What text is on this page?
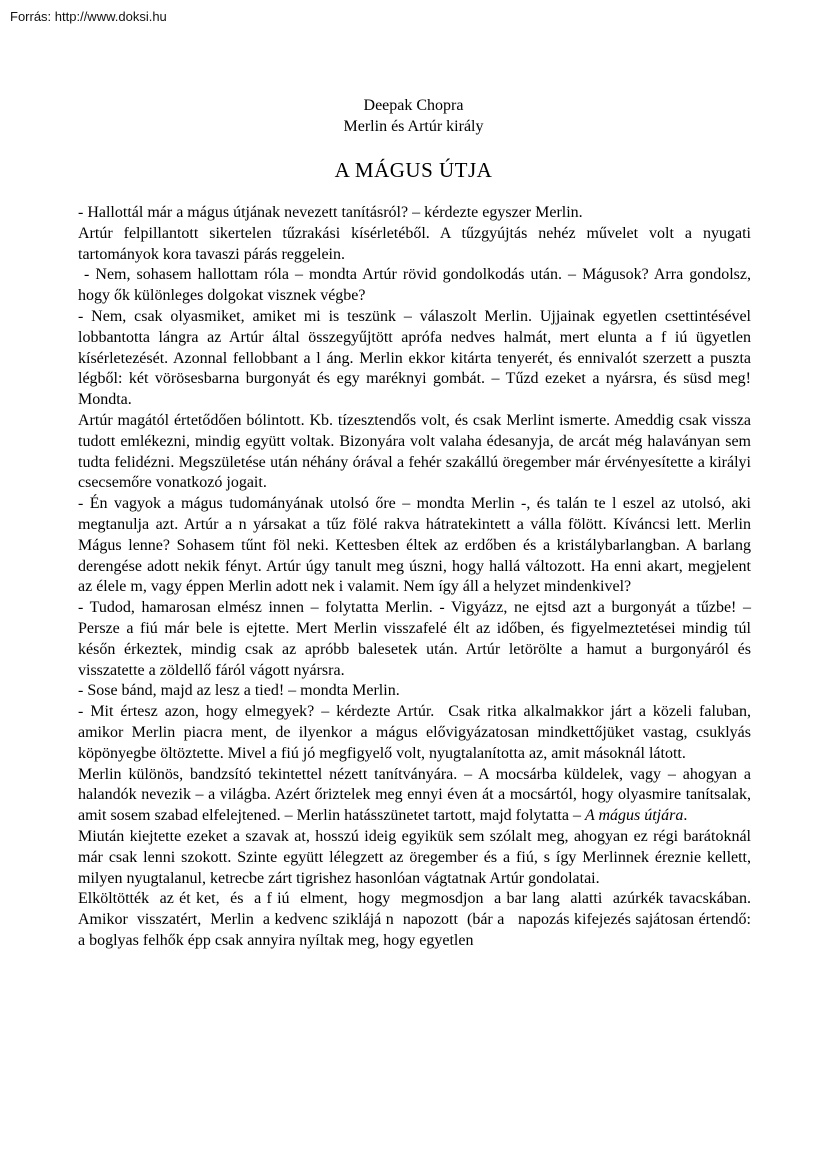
Forrás: http://www.doksi.hu
Deepak Chopra
Merlin és Artúr király
A MÁGUS ÚTJA

- Hallottál már a mágus útjának nevezett tanításról? – kérdezte egyszer Merlin.

Artúr felpillantott sikertelen tűzrakási kísérletéből. A tűzgyújtás nehéz művelet volt a nyugati tartományok kora tavaszi párás reggelein.

- Nem, sohasem hallottam róla – mondta Artúr rövid gondolkodás után. – Mágusok? Arra gondolsz, hogy ők különleges dolgokat visznek végbe?

- Nem, csak olyasmiket, amiket mi is teszünk – válaszolt Merlin. Ujjainak egyetlen csettintésével lobbantotta lángra az Artúr által összegyűjtött aprófa nedves halmát, mert elunta a f iú ügyetlen kísérletezését. Azonnal fellobbant a l áng. Merlin ekkor kitárta tenyerét, és ennivalót szerzett a puszta légből: két vörösesbarna burgonyát és egy maréknyi gombát. – Tűzd ezeket a nyársra, és süsd meg! Mondta.

Artúr magától értetődően bólintott. Kb. tízesztendős volt, és csak Merlint ismerte. Ameddig csak vissza tudott emlékezni, mindig együtt voltak. Bizonyára volt valaha édesanyja, de arcát még halaványan sem tudta felidézni. Megszületése után néhány órával a fehér szakállú öregember már érvényesítette a királyi csecsemőre vonatkozó jogait.

- Én vagyok a mágus tudományának utolsó őre – mondta Merlin -, és talán te l eszel az utolsó, aki megtanulja azt. Artúr a n yársakat a tűz fölé rakva hátratekintett a válla fölött. Kíváncsi lett. Merlin Mágus lenne? Sohasem tűnt föl neki. Kettesben éltek az erdőben és a kristálybarlangban. A barlang derengése adott nekik fényt. Artúr úgy tanult meg úszni, hogy hallá változott. Ha enni akart, megjelent az élele m, vagy éppen Merlin adott nek i valamit. Nem így áll a helyzet mindenkivel?

- Tudod, hamarosan elmész innen – folytatta Merlin. - Vigyázz, ne ejtsd azt a burgonyát a tűzbe! – Persze a fiú már bele is ejtette. Mert Merlin visszafelé élt az időben, és figyelmeztetései mindig túl későn érkeztek, mindig csak az apróbb balesetek után. Artúr letörölte a hamut a burgonyáról és visszatette a zöldellő fáról vágott nyársra.

- Sose bánd, majd az lesz a tied! – mondta Merlin.

- Mit értesz azon, hogy elmegyek? – kérdezte Artúr.  Csak ritka alkalmakkor járt a közeli faluban, amikor Merlin piacra ment, de ilyenkor a mágus elővigyázatosan mindkettőjüket vastag, csuklyás köpönyegbe öltöztette. Mivel a fiú jó megfigyelő volt, nyugtalanította az, amit másoknál látott.

Merlin különös, bandzsító tekintettel nézett tanítványára. – A mocsárba küldelek, vagy – ahogyan a halandók nevezik – a világba. Azért őriztelek meg ennyi éven át a mocsártól, hogy olyasmire tanítsalak, amit sosem szabad elfelejtened. – Merlin hatásszünetet tartott, majd folytatta – A mágus útjára.

Miután kiejtette ezeket a szavak at, hosszú ideig egyikük sem szólalt meg, ahogyan ez régi barátoknál már csak lenni szokott. Szinte együtt lélegzett az öregember és a fiú, s így Merlinnek éreznie kellett, milyen nyugtalanul, ketrecbe zárt tigrishez hasonlóan vágtatnak Artúr gondolatai.

Elköltötték  az ét ket,  és  a f iú  elment,  hogy  megmosdjon  a bar lang  alatti  azúrkék tavacskában.  Amikor  visszatért,  Merlin  a kedvenc sziklájá n  napozott  (bár a   napozás kifejezés sajátosan értendő: a boglyas felhők épp csak annyira nyíltak meg, hogy egyetlen
